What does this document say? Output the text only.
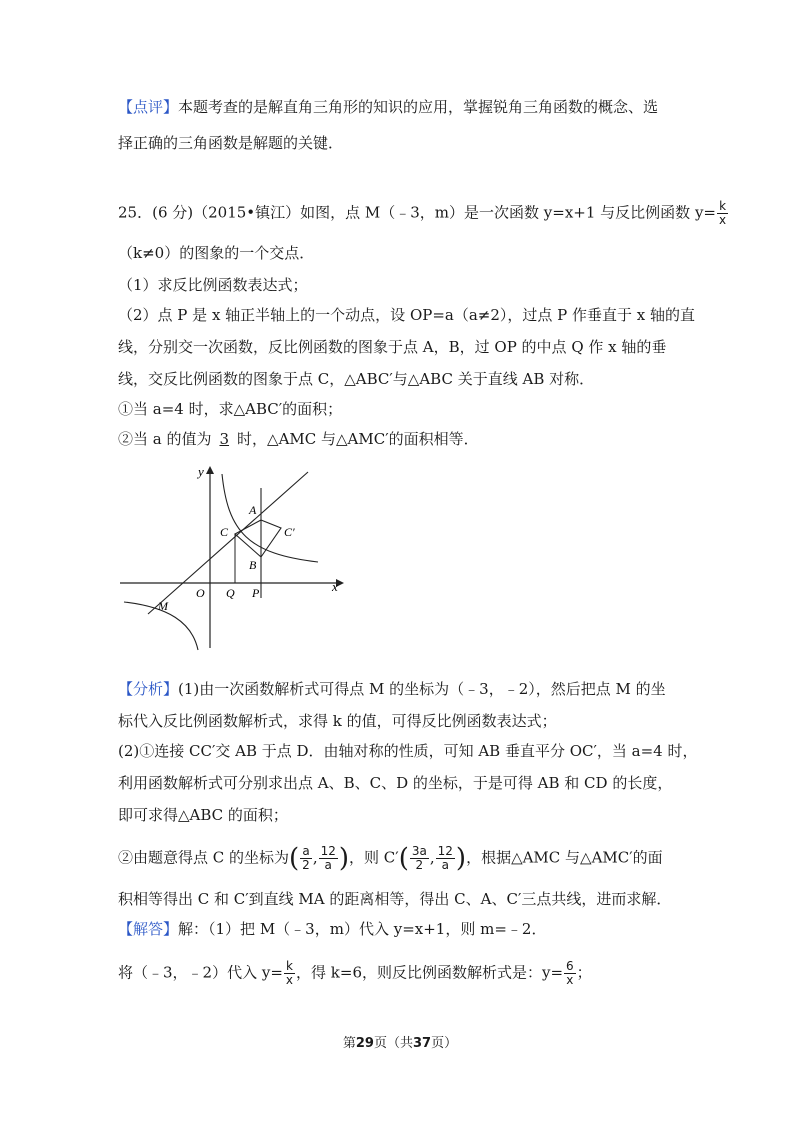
【点评】本题考查的是解直角三角形的知识的应用，掌握锐角三角函数的概念、选
择正确的三角函数是解题的关键．
25．(6 分)（2015•镇江）如图，点 M（﹣3，m）是一次函数 y=x+1 与反比例函数 $y= \frac{k}{x}$
（k≠0）的图象的一个交点．
（1）求反比例函数表达式；
（2）点 P 是 x 轴正半轴上的一个动点，设 OP=a（a≠2），过点 P 作垂直于 x 轴的直
线，分别交一次函数，反比例函数的图象于点 A，B，过 OP 的中点 Q 作 x 轴的垂
线，交反比例函数的图象于点 C，△ABC′与△ABC 关于直线 AB 对称．
①当 a=4 时，求△ABC′的面积；
②当 a 的值为 3 时，△AMC 与△AMC′的面积相等．
y
x
O Q P
A
B
C	C′
M
【分析】(1)由一次函数解析式可得点 M 的坐标为（﹣3，﹣2），然后把点 M 的坐
标代入反比例函数解析式，求得 k 的值，可得反比例函数表达式；
(2)①连接 CC′交 AB 于点 D．由轴对称的性质，可知 AB 垂直平分 OC′，当 a=4 时，
利用函数解析式可分别求出点 A、B、C、D 的坐标，于是可得 AB 和 CD 的长度，
即可求得△ABC 的面积；
②由题意得点 C 的坐标为( $\frac{a}{2}$ , $\frac{12}{a}$ )，则 $C'( \frac{3a}{2}$ , $\frac{12}{a}$ )，根据△AMC 与△AMC′的面
积相等得出 C 和 C′到直线 MA 的距离相等，得出 C、A、C′三点共线，进而求解．
【解答】解：（1）把 M（﹣3，m）代入 y=x+1，则 m=﹣2．
将（﹣3，﹣2）代入 $y= \frac{k}{x}$ ，得 k=6，则反比例函数解析式是：$y= \frac{6}{x}$ ；
第29页（共37页）
